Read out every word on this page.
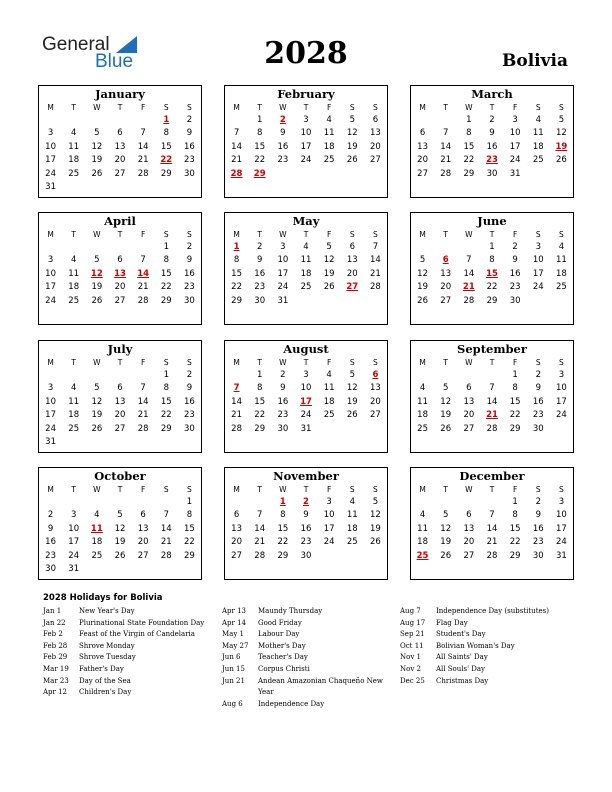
General
Blue	2028	Bolivia
January
M	T	W	T	F	S	S
					1	2
3	4	5	6	7	8	9
10	11	12	13	14	15	16
17	18	19	20	21	22	23
24	25	26	27	28	29	30
31						
February
M	T	W	T	F	S	S
	1	2	3	4	5	6
7	8	9	10	11	12	13
14	15	16	17	18	19	20
21	22	23	24	25	26	27
28	29					
March
M	T	W	T	F	S	S
		1	2	3	4	5
6	7	8	9	10	11	12
13	14	15	16	17	18	19
20	21	22	23	24	25	26
27	28	29	30	31		
April
M	T	W	T	F	S	S
					1	2
3	4	5	6	7	8	9
10	11	12	13	14	15	16
17	18	19	20	21	22	23
24	25	26	27	28	29	30
May
M	T	W	T	F	S	S
1	2	3	4	5	6	7
8	9	10	11	12	13	14
15	16	17	18	19	20	21
22	23	24	25	26	27	28
29	30	31				
June
M	T	W	T	F	S	S
			1	2	3	4
5	6	7	8	9	10	11
12	13	14	15	16	17	18
19	20	21	22	23	24	25
26	27	28	29	30		
July
M	T	W	T	F	S	S
					1	2
3	4	5	6	7	8	9
10	11	12	13	14	15	16
17	18	19	20	21	22	23
24	25	26	27	28	29	30
31						
August
M	T	W	T	F	S	S
	1	2	3	4	5	6
7	8	9	10	11	12	13
14	15	16	17	18	19	20
21	22	23	24	25	26	27
28	29	30	31			
September
M	T	W	T	F	S	S
				1	2	3
4	5	6	7	8	9	10
11	12	13	14	15	16	17
18	19	20	21	22	23	24
25	26	27	28	29	30	
October
M	T	W	T	F	S	S
						1
2	3	4	5	6	7	8
9	10	11	12	13	14	15
16	17	18	19	20	21	22
23	24	25	26	27	28	29
30	31					
November
M	T	W	T	F	S	S
		1	2	3	4	5
6	7	8	9	10	11	12
13	14	15	16	17	18	19
20	21	22	23	24	25	26
27	28	29	30			
December
M	T	W	T	F	S	S
				1	2	3
4	5	6	7	8	9	10
11	12	13	14	15	16	17
18	19	20	21	22	23	24
25	26	27	28	29	30	31
2028 Holidays for Bolivia
Jan 1	New Year's Day
Jan 22	Plurinational State Foundation Day
Feb 2	Feast of the Virgin of Candelaria
Feb 28	Shrove Monday
Feb 29	Shrove Tuesday
Mar 19	Father's Day
Mar 23	Day of the Sea
Apr 12	Children's Day
Apr 13	Maundy Thursday
Apr 14	Good Friday
May 1	Labour Day
May 27	Mother's Day
Jun 6	Teacher's Day
Jun 15	Corpus Christi
Jun 21	Andean Amazonian Chaqueño New Year
Aug 6	Independence Day
Aug 7	Independence Day (substitutes)
Aug 17	Flag Day
Sep 21	Student's Day
Oct 11	Bolivian Woman's Day
Nov 1	All Saints' Day
Nov 2	All Souls' Day
Dec 25	Christmas Day
